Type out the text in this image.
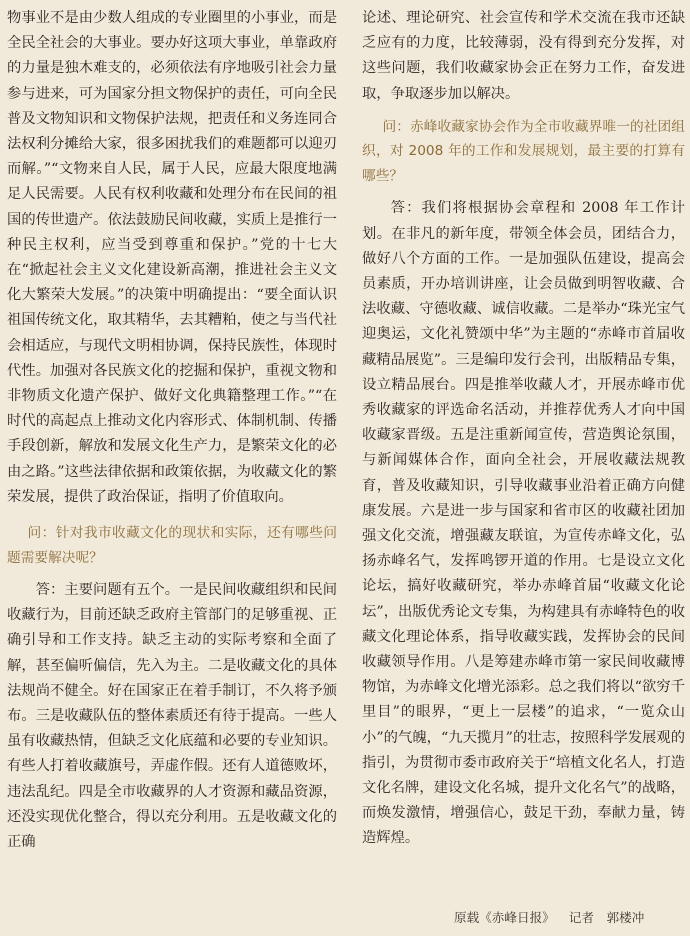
物事业不是由少数人组成的专业圈里的小事业，而是全民全社会的大事业。要办好这项大事业，单靠政府的力量是独木难支的，必须依法有序地吸引社会力量参与进来，可为国家分担文物保护的责任，可向全民普及文物知识和文物保护法规，把责任和义务连同合法权利分摊给大家，很多困扰我们的难题都可以迎刃而解。”“文物来自人民，属于人民，应最大限度地满足人民需要。人民有权利收藏和处理分布在民间的祖国的传世遗产。依法鼓励民间收藏，实质上是推行一种民主权利，应当受到尊重和保护。”党的十七大在“掀起社会主义文化建设新高潮，推进社会主义文化大繁荣大发展。”的决策中明确提出：“要全面认识祖国传统文化，取其精华，去其糟粕，使之与当代社会相适应，与现代文明相协调，保持民族性，体现时代性。加强对各民族文化的挖掘和保护，重视文物和非物质文化遗产保护、做好文化典籍整理工作。”“在时代的高起点上推动文化内容形式、体制机制、传播手段创新，解放和发展文化生产力，是繁荣文化的必由之路。”这些法律依据和政策依据，为收藏文化的繁荣发展，提供了政治保证，指明了价值取向。

问：针对我市收藏文化的现状和实际，还有哪些问题需要解决呢？

答：主要问题有五个。一是民间收藏组织和民间收藏行为，目前还缺乏政府主管部门的足够重视、正确引导和工作支持。缺乏主动的实际考察和全面了解，甚至偏听偏信，先入为主。二是收藏文化的具体法规尚不健全。好在国家正在着手制订，不久将予颁布。三是收藏队伍的整体素质还有待于提高。一些人虽有收藏热情，但缺乏文化底蕴和必要的专业知识。有些人打着收藏旗号，弄虚作假。还有人道德败坏，违法乱纪。四是全市收藏界的人才资源和藏品资源，还没实现优化整合，得以充分利用。五是收藏文化的正确

论述、理论研究、社会宣传和学术交流在我市还缺乏应有的力度，比较薄弱，没有得到充分发挥，对这些问题，我们收藏家协会正在努力工作，奋发进取，争取逐步加以解决。

问：赤峰收藏家协会作为全市收藏界唯一的社团组织，对 2008 年的工作和发展规划，最主要的打算有哪些？

答：我们将根据协会章程和 2008 年工作计划。在非凡的新年度，带领全体会员，团结合力，做好八个方面的工作。一是加强队伍建设，提高会员素质，开办培训讲座，让会员做到明智收藏、合法收藏、守德收藏、诚信收藏。二是举办“珠光宝气迎奥运，文化礼赞颂中华”为主题的“赤峰市首届收藏精品展览”。三是编印发行会刊，出版精品专集，设立精品展台。四是推举收藏人才，开展赤峰市优秀收藏家的评选命名活动，并推荐优秀人才向中国收藏家晋级。五是注重新闻宣传，营造舆论氛围，与新闻媒体合作，面向全社会，开展收藏法规教育，普及收藏知识，引导收藏事业沿着正确方向健康发展。六是进一步与国家和省市区的收藏社团加强文化交流，增强藏友联谊，为宣传赤峰文化，弘扬赤峰名气，发挥鸣锣开道的作用。七是设立文化论坛，搞好收藏研究，举办赤峰首届“收藏文化论坛”，出版优秀论文专集，为构建具有赤峰特色的收藏文化理论体系，指导收藏实践，发挥协会的民间收藏领导作用。八是筹建赤峰市第一家民间收藏博物馆，为赤峰文化增光添彩。总之我们将以“欲穷千里目”的眼界，“更上一层楼”的追求，“一览众山小”的气魄，“九天揽月”的壮志，按照科学发展观的指引，为贯彻市委市政府关于“培植文化名人，打造文化名牌，建设文化名城，提升文化名气”的战略，而焕发激情，增强信心，鼓足干劲，奉献力量，铸造辉煌。

原载《赤峰日报》 记者　郭楼冲
